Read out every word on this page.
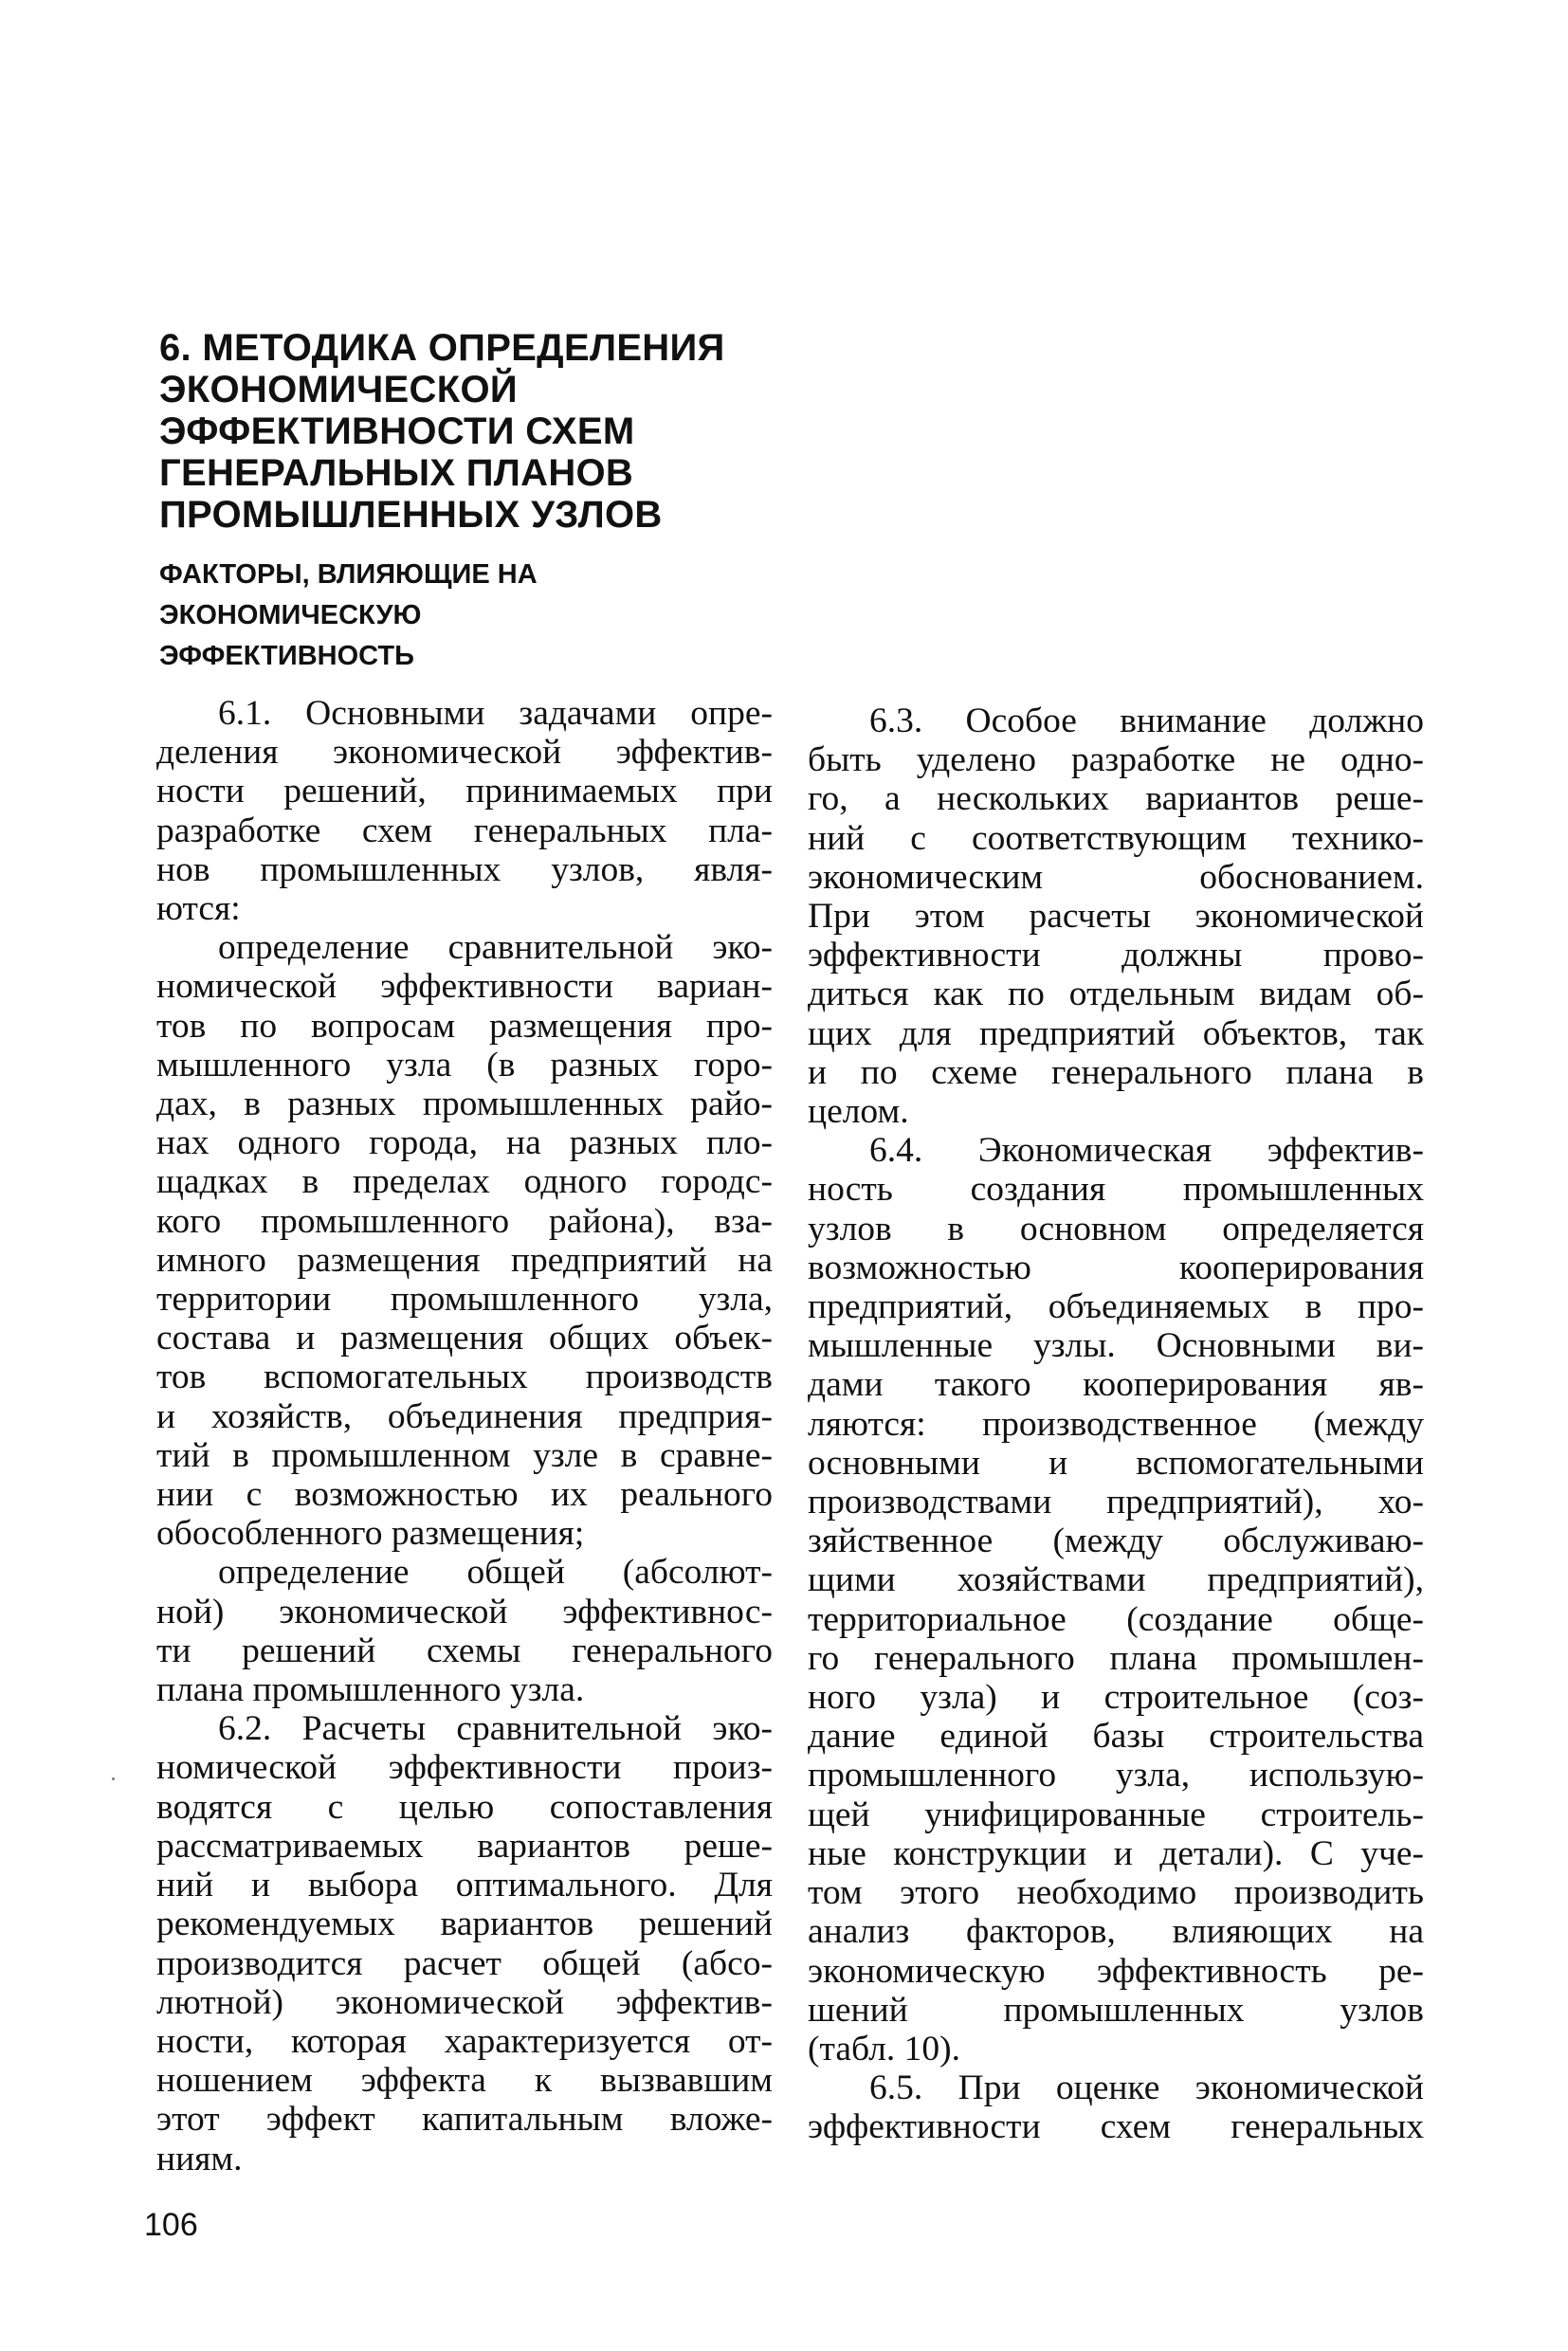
6. МЕТОДИКА ОПРЕДЕЛЕНИЯ
ЭКОНОМИЧЕСКОЙ
ЭФФЕКТИВНОСТИ СХЕМ
ГЕНЕРАЛЬНЫХ ПЛАНОВ
ПРОМЫШЛЕННЫХ УЗЛОВ
ФАКТОРЫ, ВЛИЯЮЩИЕ НА
ЭКОНОМИЧЕСКУЮ
ЭФФЕКТИВНОСТЬ
6.1. Основными задачами опре-
деления экономической эффектив-
ности решений, принимаемых при
разработке схем генеральных пла-
нов промышленных узлов, явля-
ются:
определение сравнительной эко-
номической эффективности вариан-
тов по вопросам размещения про-
мышленного узла (в разных горо-
дах, в разных промышленных райо-
нах одного города, на разных пло-
щадках в пределах одного городс-
кого промышленного района), вза-
имного размещения предприятий на
территории промышленного узла,
состава и размещения общих объек-
тов вспомогательных производств
и хозяйств, объединения предприя-
тий в промышленном узле в сравне-
нии с возможностью их реального
обособленного размещения;
определение общей (абсолют-
ной) экономической эффективнос-
ти решений схемы генерального
плана промышленного узла.
6.2. Расчеты сравнительной эко-
номической эффективности произ-
водятся с целью сопоставления
рассматриваемых вариантов реше-
ний и выбора оптимального. Для
рекомендуемых вариантов решений
производится расчет общей (абсо-
лютной) экономической эффектив-
ности, которая характеризуется от-
ношением эффекта к вызвавшим
этот эффект капитальным вложе-
ниям.
6.3. Особое внимание должно
быть уделено разработке не одно-
го, а нескольких вариантов реше-
ний с соответствующим технико-
экономическим обоснованием.
При этом расчеты экономической
эффективности должны прово-
диться как по отдельным видам об-
щих для предприятий объектов, так
и по схеме генерального плана в
целом.
6.4. Экономическая эффектив-
ность создания промышленных
узлов в основном определяется
возможностью кооперирования
предприятий, объединяемых в про-
мышленные узлы. Основными ви-
дами такого кооперирования яв-
ляются: производственное (между
основными и вспомогательными
производствами предприятий), хо-
зяйственное (между обслуживаю-
щими хозяйствами предприятий),
территориальное (создание обще-
го генерального плана промышлен-
ного узла) и строительное (соз-
дание единой базы строительства
промышленного узла, использую-
щей унифицированные строитель-
ные конструкции и детали). С уче-
том этого необходимо производить
анализ факторов, влияющих на
экономическую эффективность ре-
шений промышленных узлов
(табл. 10).
6.5. При оценке экономической
эффективности схем генеральных
106
